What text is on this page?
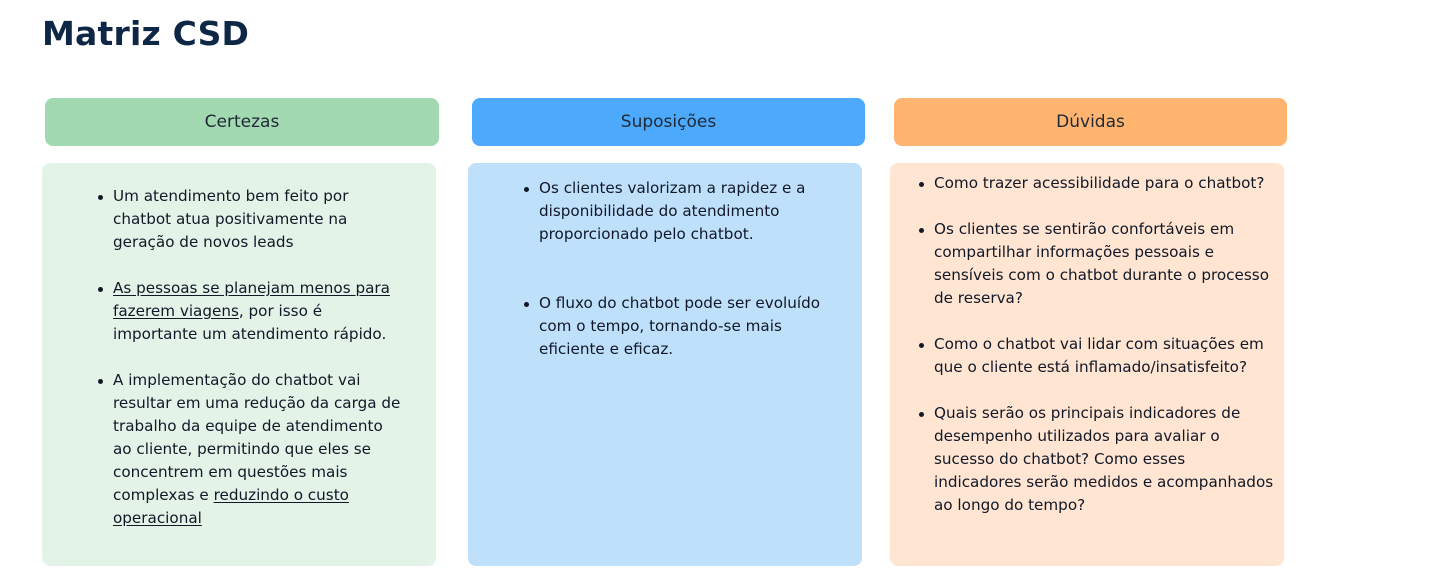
Matriz CSD
Certezas
Um atendimento bem feito por chatbot atua positivamente na geração de novos leads
As pessoas se planejam menos para fazerem viagens, por isso é importante um atendimento rápido.
A implementação do chatbot vai resultar em uma redução da carga de trabalho da equipe de atendimento ao cliente, permitindo que eles se concentrem em questões mais complexas e reduzindo o custo operacional
Suposições
Os clientes valorizam a rapidez e a disponibilidade do atendimento proporcionado pelo chatbot.
O fluxo do chatbot pode ser evoluído com o tempo, tornando-se mais eficiente e eficaz.
Dúvidas
Como trazer acessibilidade para o chatbot?
Os clientes se sentirão confortáveis em compartilhar informações pessoais e sensíveis com o chatbot durante o processo de reserva?
Como o chatbot vai lidar com situações em que o cliente está inflamado/insatisfeito?
Quais serão os principais indicadores de desempenho utilizados para avaliar o sucesso do chatbot? Como esses indicadores serão medidos e acompanhados ao longo do tempo?
